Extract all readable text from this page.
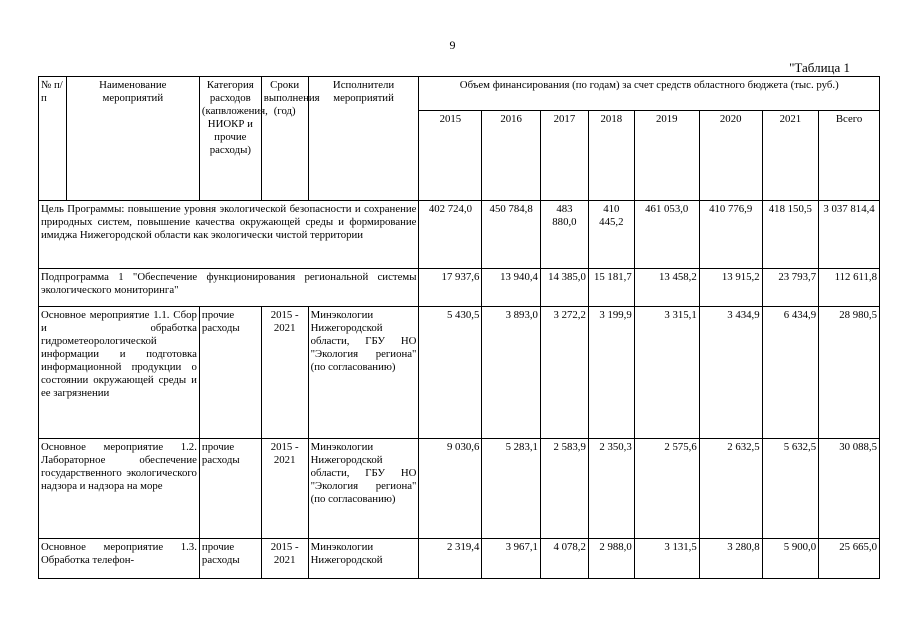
9
"Таблица 1
№ п/п	Наименование мероприятий	Категория расходов (капвложения, НИОКР и прочие расходы)	Сроки выполнения (год)	Исполнители мероприятий	Объем финансирования (по годам) за счет средств областного бюджета (тыс. руб.)							
					2015	2016	2017	2018	2019	2020	2021	Всего
Цель Программы: повышение уровня экологической безопасности и сохранение природных систем, повышение качества окружающей среды и формирование имиджа Нижегородской области как экологически чистой территории					402 724,0	450 784,8	483 880,0	410 445,2	461 053,0	410 776,9	418 150,5	3 037 814,4
Подпрограмма 1 "Обеспечение функционирования региональной системы экологического мониторинга"					17 937,6	13 940,4	14 385,0	15 181,7	13 458,2	13 915,2	23 793,7	112 611,8
Основное мероприятие 1.1. Сбор и обработка гидрометеорологической информации и подготовка информационной продукции о состоянии окружающей среды и ее загрязнении		прочие расходы	2015 - 2021	Минэкологии Нижегородской области, ГБУ НО "Экология региона" (по согласованию)	5 430,5	3 893,0	3 272,2	3 199,9	3 315,1	3 434,9	6 434,9	28 980,5
Основное мероприятие 1.2. Лабораторное обеспечение государственного экологического надзора и надзора на море		прочие расходы	2015 - 2021	Минэкологии Нижегородской области, ГБУ НО "Экология региона" (по согласованию)	9 030,6	5 283,1	2 583,9	2 350,3	2 575,6	2 632,5	5 632,5	30 088,5
Основное мероприятие 1.3. Обработка телефон-		прочие расходы	2015 - 2021	Минэкологии Нижегородской	2 319,4	3 967,1	4 078,2	2 988,0	3 131,5	3 280,8	5 900,0	25 665,0
